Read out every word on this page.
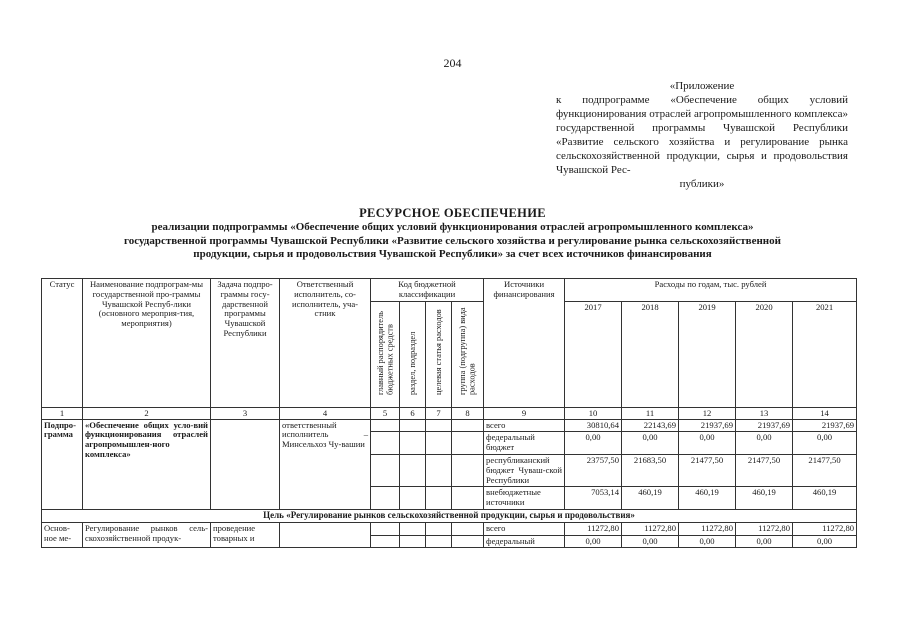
204
«Приложение
к подпрограмме «Обеспечение общих условий функционирования отраслей агропромышленного комплекса» государственной программы Чувашской Республики «Развитие сельского хозяйства и регулирование рынка сельскохозяйственной продукции, сырья и продовольствия Чувашской Рес-
публики»
РЕСУРСНОЕ ОБЕСПЕЧЕНИЕ
реализации подпрограммы «Обеспечение общих условий функционирования отраслей агропромышленного комплекса»
государственной программы Чувашской Республики «Развитие сельского хозяйства и регулирование рынка сельскохозяйственной
продукции, сырья и продовольствия Чувашской Республики» за счет всех источников финансирования
Статус	Наименование подпрограм-мы государственной про-граммы Чувашской Респуб-лики (основного мероприя-тия, мероприятия)	Задача подпро-граммы госу-дарственной программы Чувашской Республики	Ответственный исполнитель, со-исполнитель, уча-стник	Код бюджетной классификации				Источники финансирования	Расходы по годам, тыс. рублей				

				главный распорядитель бюджетных средств	раздел, подраздел	целевая статья расходов	группа (подгруппа) вида расходов		2017	2018	2019	2020	2021
1	2	3	4	5	6	7	8	9	10	11	12	13	14
Подпро-грамма	«Обеспечение общих усло-вий функционирования отраслей агропромышлен-ного комплекса»		ответственный исполнитель – Минсельхоз Чу-вашии					всего	30810,64	22143,69	21937,69	21937,69	21937,69
								федеральный бюджет	0,00	0,00	0,00	0,00	0,00
								республиканский бюджет Чуваш-ской Республики	23757,50	21683,50	21477,50	21477,50	21477,50
								внебюджетные источники	7053,14	460,19	460,19	460,19	460,19
Цель «Регулирование рынков сельскохозяйственной продукции, сырья и продовольствия»													
Основ-ное ме-	Регулирование рынков сель-скохозяйственной продук-	проведение товарных и						всего	11272,80	11272,80	11272,80	11272,80	11272,80
								федеральный	0,00	0,00	0,00	0,00	0,00
